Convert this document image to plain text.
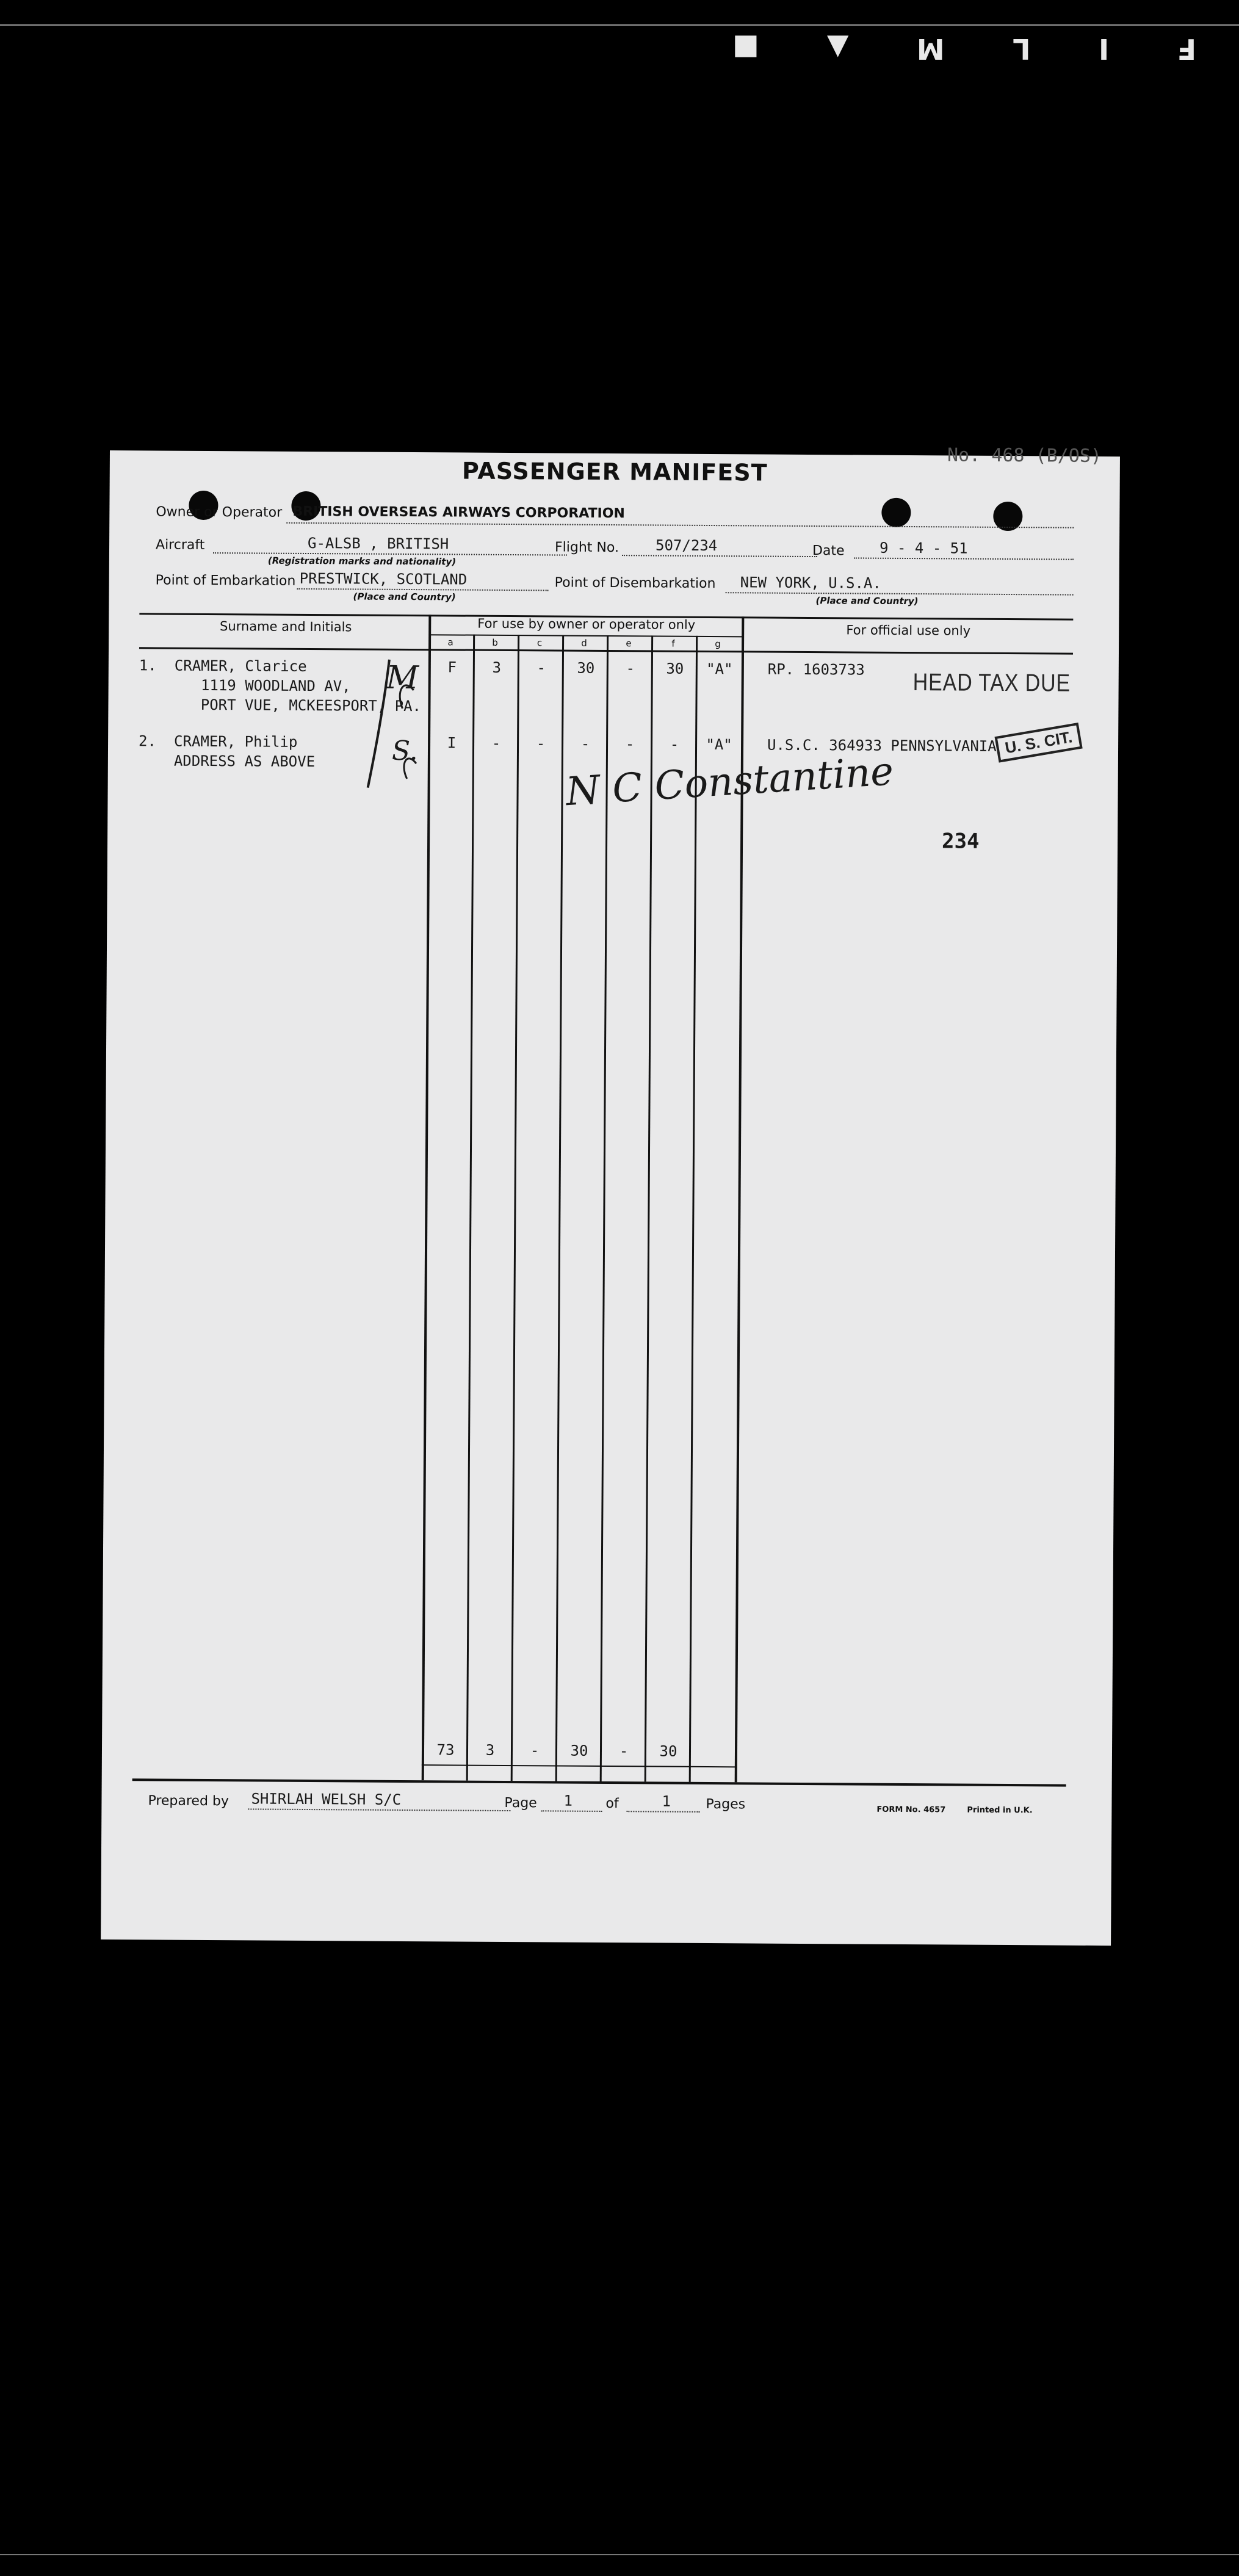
F
I
L
M
▲
■
No. 468 (B/OS)
PASSENGER MANIFEST
Owner or Operator BRITISH OVERSEAS AIRWAYS CORPORATION
Aircraft	G-ALSB , BRITISH
(Registration marks and nationality)
Flight No. 507/234	Date 9 - 4 - 51
Point of Embarkation PRESTWICK, SCOTLAND
(Place and Country)
Point of Disembarkation NEW YORK, U.S.A.
(Place and Country)
Surname and Initials	For use by owner or operator only	For official use only
a	b	c	d	e	f	g
1. CRAMER, Clarice
1119 WOODLAND AV,
PORT VUE, MCKEESPORT, PA.
M	F	3	-	30	-	30	"A"	RP. 1603733
2. CRAMER, Philip
ADDRESS AS ABOVE	S.	I	-	-	-	-	-	"A"	U.S.C. 364933 PENNSYLVANIA
HEAD TAX DUE
U. S. CIT.
234
N C Constantine
73	3	-	30	-	30
Prepared by SHIRLAH WELSH S/C	Page 1 of	1	Pages	FORM No. 4657	Printed in U.K.
